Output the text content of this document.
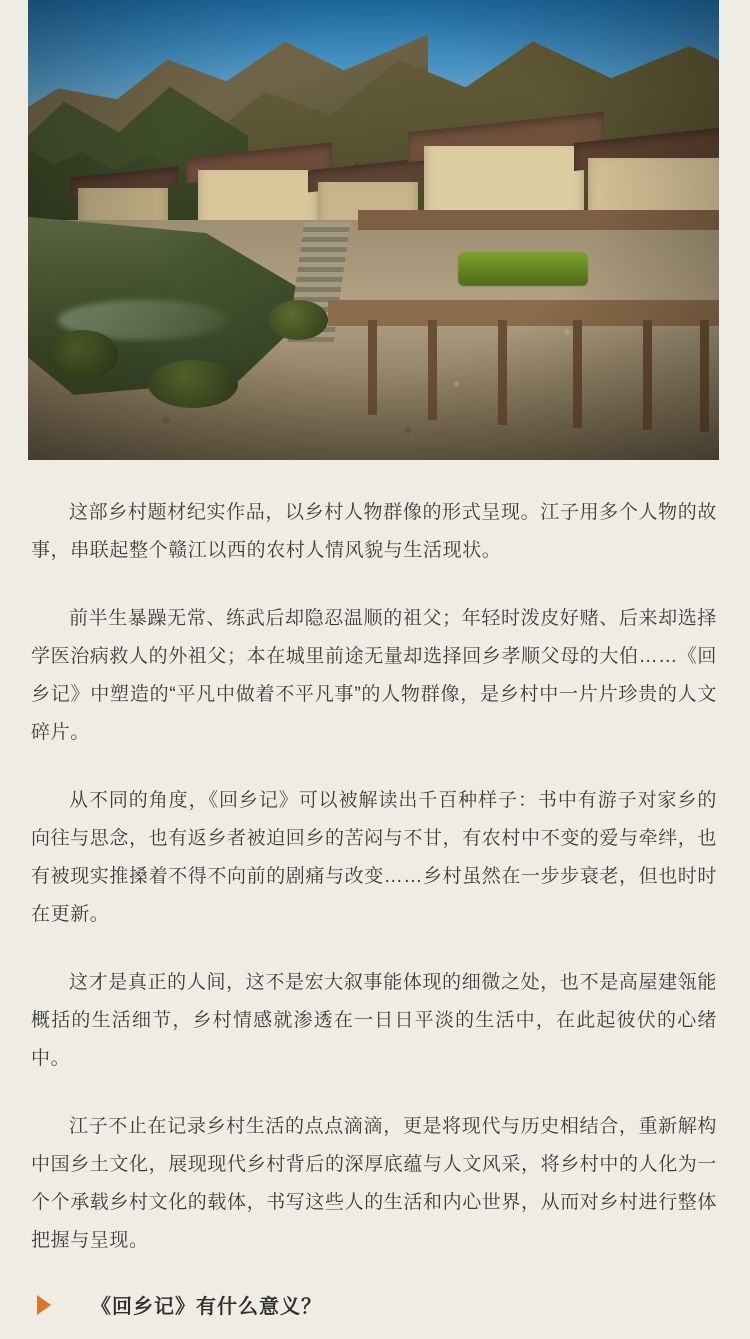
这部乡村题材纪实作品，以乡村人物群像的形式呈现。江子用多个人物的故事，串联起整个赣江以西的农村人情风貌与生活现状。

前半生暴躁无常、练武后却隐忍温顺的祖父；年轻时泼皮好赌、后来却选择学医治病救人的外祖父；本在城里前途无量却选择回乡孝顺父母的大伯……《回乡记》中塑造的“平凡中做着不平凡事”的人物群像，是乡村中一片片珍贵的人文碎片。

从不同的角度，《回乡记》可以被解读出千百种样子：书中有游子对家乡的向往与思念，也有返乡者被迫回乡的苦闷与不甘，有农村中不变的爱与牵绊，也有被现实推搡着不得不向前的剧痛与改变……乡村虽然在一步步衰老，但也时时在更新。

这才是真正的人间，这不是宏大叙事能体现的细微之处，也不是高屋建瓴能概括的生活细节，乡村情感就渗透在一日日平淡的生活中，在此起彼伏的心绪中。

江子不止在记录乡村生活的点点滴滴，更是将现代与历史相结合，重新解构中国乡土文化，展现现代乡村背后的深厚底蕴与人文风采，将乡村中的人化为一个个承载乡村文化的载体，书写这些人的生活和内心世界，从而对乡村进行整体把握与呈现。

《回乡记》有什么意义？
